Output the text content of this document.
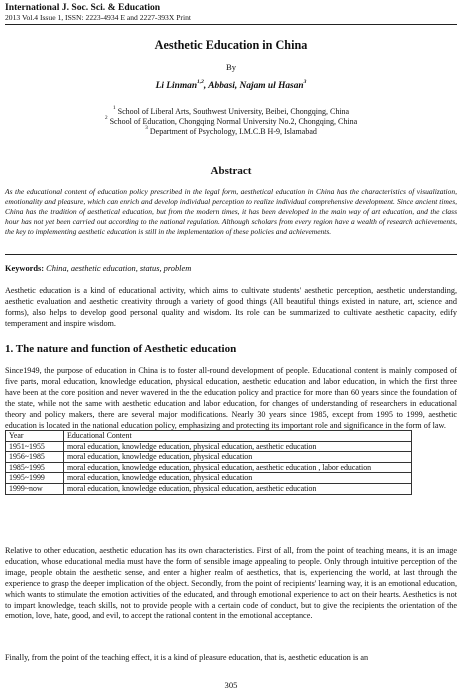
International J. Soc. Sci. & Education
2013 Vol.4 Issue 1, ISSN: 2223-4934 E and 2227-393X Print
Aesthetic Education in China
By
Li Linman$^{1,2}$, Abbasi, Najam ul Hasan$^3$
$^1$ School of Liberal Arts, Southwest University, Beibei, Chongqing, China
$^2$ School of Education, Chongqing Normal University No.2, Chongqing, China
$^3$ Department of Psychology, I.M.C.B H-9, Islamabad
Abstract
As the educational content of education policy prescribed in the legal form, aesthetical education in China has the characteristics of visualization, emotionality and pleasure, which can enrich and develop individual perception to realize individual comprehensive development. Since ancient times, China has the tradition of aesthetical education, but from the modern times, it has been developed in the main way of art education, and the class hour has not yet been carried out according to the national regulation. Although scholars from every region have a wealth of research achievements, the key to implementing aesthetic education is still in the implementation of these policies and achievements.
Keywords: China, aesthetic education, status, problem
Aesthetic education is a kind of educational activity, which aims to cultivate students' aesthetic perception, aesthetic understanding, aesthetic evaluation and aesthetic creativity through a variety of good things (All beautiful things existed in nature, art, science and forms), also helps to develop good personal quality and wisdom. Its role can be summarized to cultivate aesthetic capacity, edify temperament and inspire wisdom.
1. The nature and function of Aesthetic education
Since1949, the purpose of education in China is to foster all-round development of people. Educational content is mainly composed of five parts, moral education, knowledge education, physical education, aesthetic education and labor education, in which the first three have been at the core position and never wavered in the the education policy and practice for more than 60 years since the foundation of the state, while not the same with aesthetic education and labor education, for changes of understanding of researchers in educational theory and policy makers, there are several major modifications. Nearly 30 years since 1985, except from 1995 to 1999, aesthetic education is located in the national education policy, emphasizing and protecting its important role and significance in the form of law.
Year	Educational Content
1951~1955	moral education, knowledge education, physical education, aesthetic education
1956~1985	moral education, knowledge education, physical education
1985~1995	moral education, knowledge education, physical education, aesthetic education , labor education
1995~1999	moral education, knowledge education, physical education
1999~now	moral education, knowledge education, physical education, aesthetic education
Relative to other education, aesthetic education has its own characteristics. First of all, from the point of teaching means, it is an image education, whose educational media must have the form of sensible image appealing to people. Only through intuitive perception of the image, people obtain the aesthetic sense, and enter a higher realm of aesthetics, that is, experiencing the world, at last through the experience to grasp the deeper implication of the object. Secondly, from the point of recipients' learning way, it is an emotional education, which wants to stimulate the emotion activities of the educated, and through emotional experience to act on their hearts. Aesthetics is not to impart knowledge, teach skills, not to provide people with a certain code of conduct, but to give the recipients the orientation of the emotion, love, hate, good, and evil, to accept the rational content in the emotional acceptance.
Finally, from the point of the teaching effect, it is a kind of pleasure education, that is, aesthetic education is an
305
